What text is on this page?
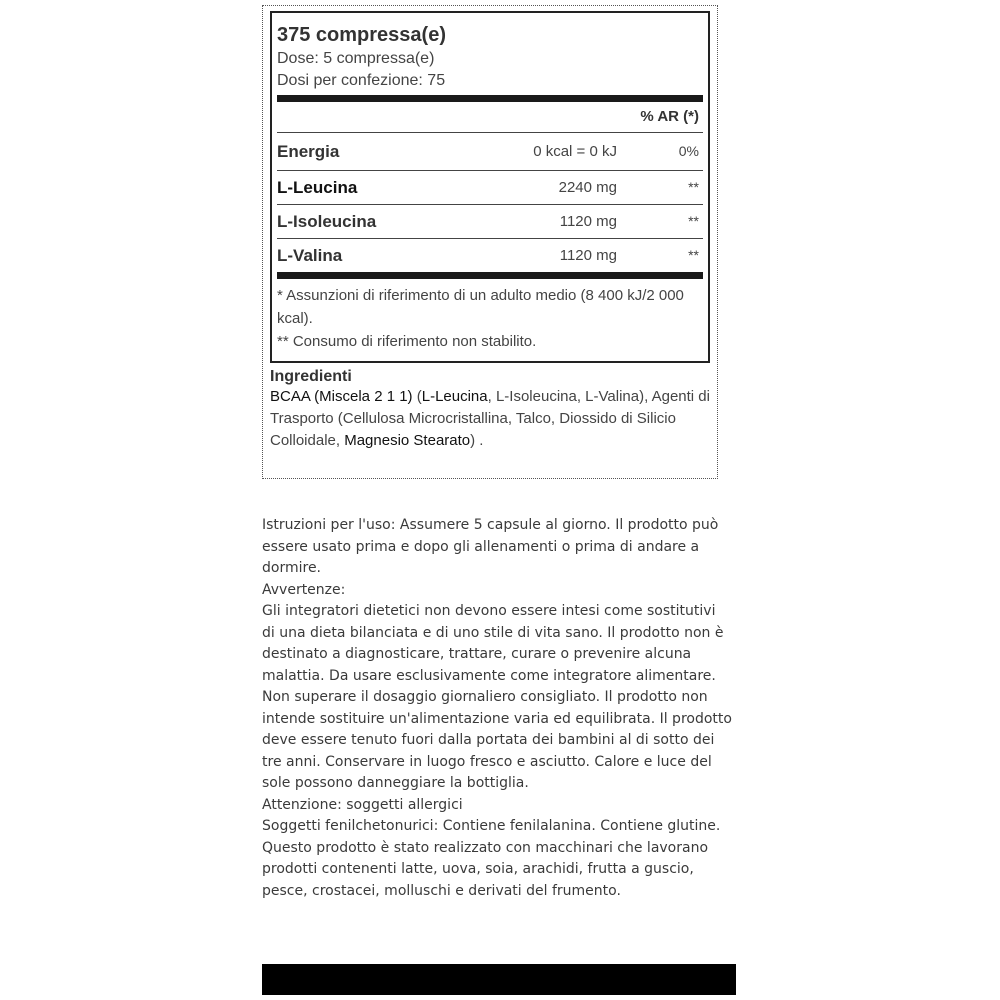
375 compressa(e)
Dose: 5 compressa(e)
Dosi per confezione: 75
% AR (*)
Energia	0 kcal = 0 kJ	0%
L-Leucina	2240 mg	**
L-Isoleucina	1120 mg	**
L-Valina	1120 mg	**
* Assunzioni di riferimento di un adulto medio (8 400 kJ/2 000 kcal).
** Consumo di riferimento non stabilito.
Ingredienti
BCAA (Miscela 2 1 1) (L-Leucina, L-Isoleucina, L-Valina), Agenti di Trasporto (Cellulosa Microcristallina, Talco, Diossido di Silicio Colloidale, Magnesio Stearato) .
Istruzioni per l'uso: Assumere 5 capsule al giorno. Il prodotto può essere usato prima e dopo gli allenamenti o prima di andare a dormire.
Avvertenze:
Gli integratori dietetici non devono essere intesi come sostitutivi di una dieta bilanciata e di uno stile di vita sano. Il prodotto non è destinato a diagnosticare, trattare, curare o prevenire alcuna malattia. Da usare esclusivamente come integratore alimentare. Non superare il dosaggio giornaliero consigliato. Il prodotto non intende sostituire un'alimentazione varia ed equilibrata. Il prodotto deve essere tenuto fuori dalla portata dei bambini al di sotto dei tre anni. Conservare in luogo fresco e asciutto. Calore e luce del sole possono danneggiare la bottiglia.
Attenzione: soggetti allergici
Soggetti fenilchetonurici: Contiene fenilalanina. Contiene glutine. Questo prodotto è stato realizzato con macchinari che lavorano prodotti contenenti latte, uova, soia, arachidi, frutta a guscio, pesce, crostacei, molluschi e derivati del frumento.
